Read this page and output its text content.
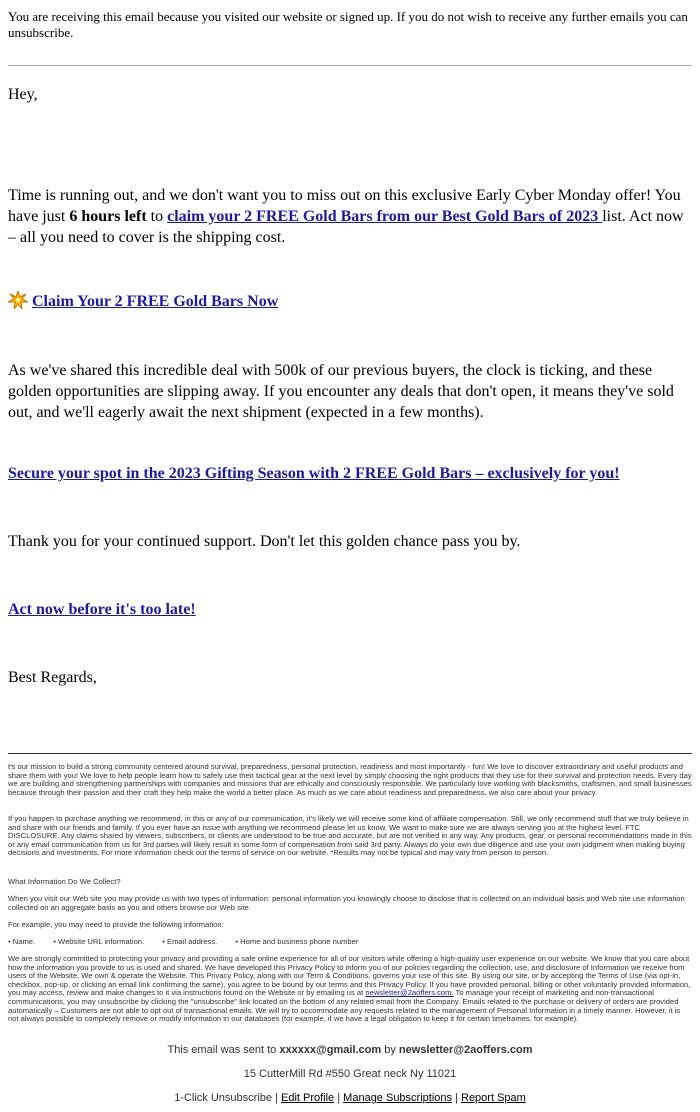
You are receiving this email because you visited our website or signed up. If you do not wish to receive any further emails you can unsubscribe.
Hey,
Time is running out, and we don't want you to miss out on this exclusive Early Cyber Monday offer! You have just 6 hours left to claim your 2 FREE Gold Bars from our Best Gold Bars of 2023 list. Act now – all you need to cover is the shipping cost.
Claim Your 2 FREE Gold Bars Now
As we've shared this incredible deal with 500k of our previous buyers, the clock is ticking, and these golden opportunities are slipping away. If you encounter any deals that don't open, it means they've sold out, and we'll eagerly await the next shipment (expected in a few months).
Secure your spot in the 2023 Gifting Season with 2 FREE Gold Bars – exclusively for you!
Thank you for your continued support. Don't let this golden chance pass you by.
Act now before it's too late!
Best Regards,
t's our mission to build a strong community centered around survival, preparedness, personal protection, readiness and most importantly - fun! We love to discover extraordinary and useful products and share them with you! We love to help people learn how to safely use their tactical gear at the next level by simply choosing the right products that they use for their survival and protection needs. Every day we are building and strengthening partnerships with companies and missions that are ethically and consciously responsible. We particularly love working with blacksmiths, craftsmen, and small businesses because through their passion and their craft they help make the world a better place. As much as we care about readiness and preparedness, we also care about your privacy.
If you happen to purchase anything we recommend, in this or any of our communication, it's likely we will receive some kind of affiliate compensation. Still, we only recommend stuff that we truly believe in and share with our friends and family. If you ever have an issue with anything we recommend please let us know. We want to make sure we are always serving you at the highest level. FTC DISCLOSURE. Any claims shared by viewers, subscribers, or clients are understood to be true and accurate, but are not verified in any way. Any products, gear, or personal recommendations made in this or any email communication from us for 3rd parties will likely result in some form of compensation from said 3rd party. Always do your own due diligence and use your own judgment when making buying decisions and investments. For more information check out the terms of service on our website. *Results may not be typical and may vary from person to person.
What Information Do We Collect?
When you visit our Web site you may provide us with two types of information: personal information you knowingly choose to disclose that is collected on an individual basis and Web site use information collected on an aggregate basis as you and others browse our Web site.
For example, you may need to provide the following information:
• Name. • Website URL information. • Email address. • Home and business phone number
We are strongly committed to protecting your privacy and providing a safe online experience for all of our visitors while offering a high-quality user experience on our website. We know that you care about how the information you provide to us is used and shared. We have developed this Privacy Policy to inform you of our policies regarding the collection, use, and disclosure of Information we receive from users of the Website. We own & operate the Website. This Privacy Policy, along with our Term & Conditions, governs your use of this site. By using our site, or by accepting the Terms of Use (via opt-in, checkbox, pop-up, or clicking an email link confirming the same), you agree to be bound by our terms and this Privacy Policy. If you have provided personal, billing or other voluntarily provided information, you may access, review and make changes to it via instructions found on the Website or by emailing us at newsletter@2aoffers.com. To manage your receipt of marketing and non-transactional communications, you may unsubscribe by clicking the "unsubscribe" link located on the bottom of any related email from the Company. Emails related to the purchase or delivery of orders are provided automatically – Customers are not able to opt out of transactional emails. We will try to accommodate any requests related to the management of Personal Information in a timely manner. However, it is not always possible to completely remove or modify information in our databases (for example, if we have a legal obligation to keep it for certain timeframes, for example).
This email was sent to xxxxxx@gmail.com by newsletter@2aoffers.com
15 CutterMill Rd #550 Great neck Ny 11021
1-Click Unsubscribe | Edit Profile | Manage Subscriptions | Report Spam
